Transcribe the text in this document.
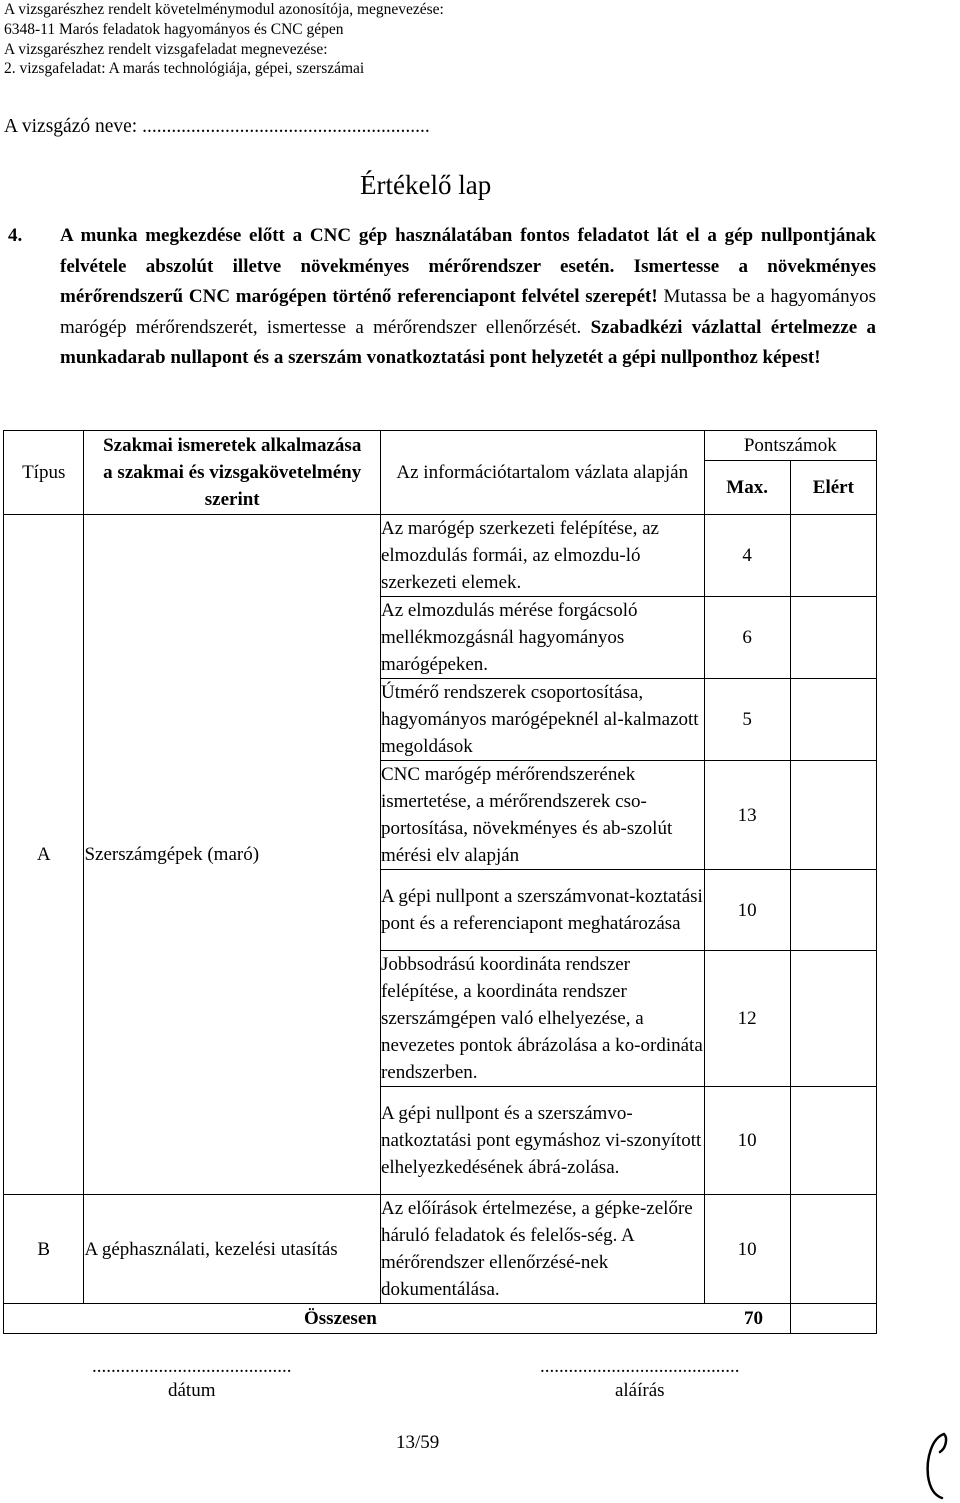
A vizsgarészhez rendelt követelménymodul azonosítója, megnevezése:
6348-11 Marós feladatok hagyományos és CNC gépen
A vizsgarészhez rendelt vizsgafeladat megnevezése:
2. vizsgafeladat: A marás technológiája, gépei, szerszámai
A vizsgázó neve: ...........................................................
Értékelő lap
4. A munka megkezdése előtt a CNC gép használatában fontos feladatot lát el a gép nullpontjának felvétele abszolút illetve növekményes mérőrendszer esetén. Ismertesse a növekményes mérőrendszerű CNC marógépen történő referenciapont felvétel szerepét! Mutassa be a hagyományos marógép mérőrendszerét, ismertesse a mérőrendszer ellenőrzését. Szabadkézi vázlattal értelmezze a munkadarab nullapont és a szerszám vonatkoztatási pont helyzetét a gépi nullponthoz képest!
Típus	Szakmai ismeretek alkalmazása a szakmai és vizsgakövetelmény szerint	Az információtartalom vázlata alapján	Pontszámok	
			Max.	Elért
A	Szerszámgépek (maró)	Az marógép szerkezeti felépítése, az elmozdulás formái, az elmozdu-ló szerkezeti elemek.	4	
		Az elmozdulás mérése forgácsoló mellékmozgásnál hagyományos marógépeken.	6	
		Útmérő rendszerek csoportosítása, hagyományos marógépeknél al-kalmazott megoldások	5	
		CNC marógép mérőrendszerének ismertetése, a mérőrendszerek cso-portosítása, növekményes és ab-szolút mérési elv alapján	13	
		A gépi nullpont a szerszámvonat-koztatási pont és a referenciapont meghatározása	10	
		Jobbsodrású koordináta rendszer felépítése, a koordináta rendszer szerszámgépen való elhelyezése, a nevezetes pontok ábrázolása a ko-ordináta rendszerben.	12	
		A gépi nullpont és a szerszámvo-natkoztatási pont egymáshoz vi-szonyított elhelyezkedésének ábrá-zolása.	10	
B	A géphasználati, kezelési utasítás	Az előírások értelmezése, a gépke-zelőre háruló feladatok és felelős-ség. A mérőrendszer ellenőrzésé-nek dokumentálása.	10	

Összesen 70				

..........................................
dátum
..........................................
aláírás
13/59
